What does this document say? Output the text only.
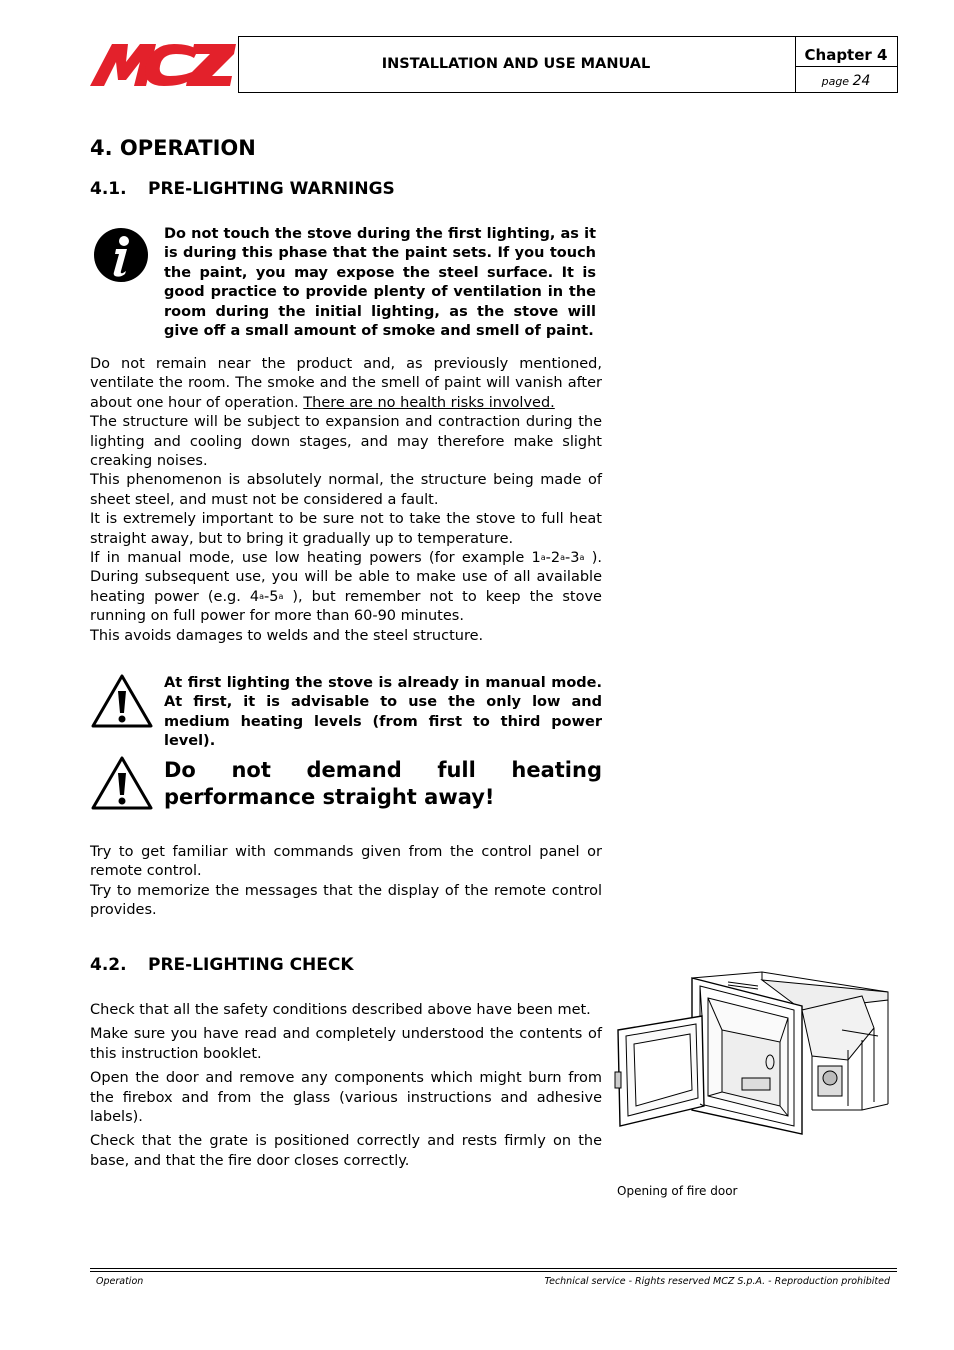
INSTALLATION AND USE MANUAL	Chapter 4
page 24
4. OPERATION
4.1. PRE-LIGHTING WARNINGS
Do not touch the stove during the first lighting, as it is during this phase that the paint sets. If you touch the paint, you may expose the steel surface. It is good practice to provide plenty of ventilation in the room during the initial lighting, as the stove will give off a small amount of smoke and smell of paint.

Do not remain near the product and, as previously mentioned, ventilate the room. The smoke and the smell of paint will vanish after about one hour of operation. There are no health risks involved.

The structure will be subject to expansion and contraction during the lighting and cooling down stages, and may therefore make slight creaking noises.

This phenomenon is absolutely normal, the structure being made of sheet steel, and must not be considered a fault.

It is extremely important to be sure not to take the stove to full heat straight away, but to bring it gradually up to temperature.

If in manual mode, use low heating powers (for example 1$^a$-2$^a$-3$^a$ ). During subsequent use, you will be able to make use of all available heating power (e.g. 4$^a$-5$^a$ ), but remember not to keep the stove running on full power for more than 60-90 minutes.

This avoids damages to welds and the steel structure.

At first lighting the stove is already in manual mode. At first, it is advisable to use the only low and medium heating levels (from first to third power level).
Do not demand full heating
performance straight away!

Try to get familiar with commands given from the control panel or remote control.

Try to memorize the messages that the display of the remote control provides.

4.2. PRE-LIGHTING CHECK

Check that all the safety conditions described above have been met.

Make sure you have read and completely understood the contents of this instruction booklet.

Open the door and remove any components which might burn from the firebox and from the glass (various instructions and adhesive labels).

Check that the grate is positioned correctly and rests firmly on the base, and that the fire door closes correctly.

Opening of fire door
Operation	Technical service - Rights reserved MCZ S.p.A. - Reproduction prohibited
